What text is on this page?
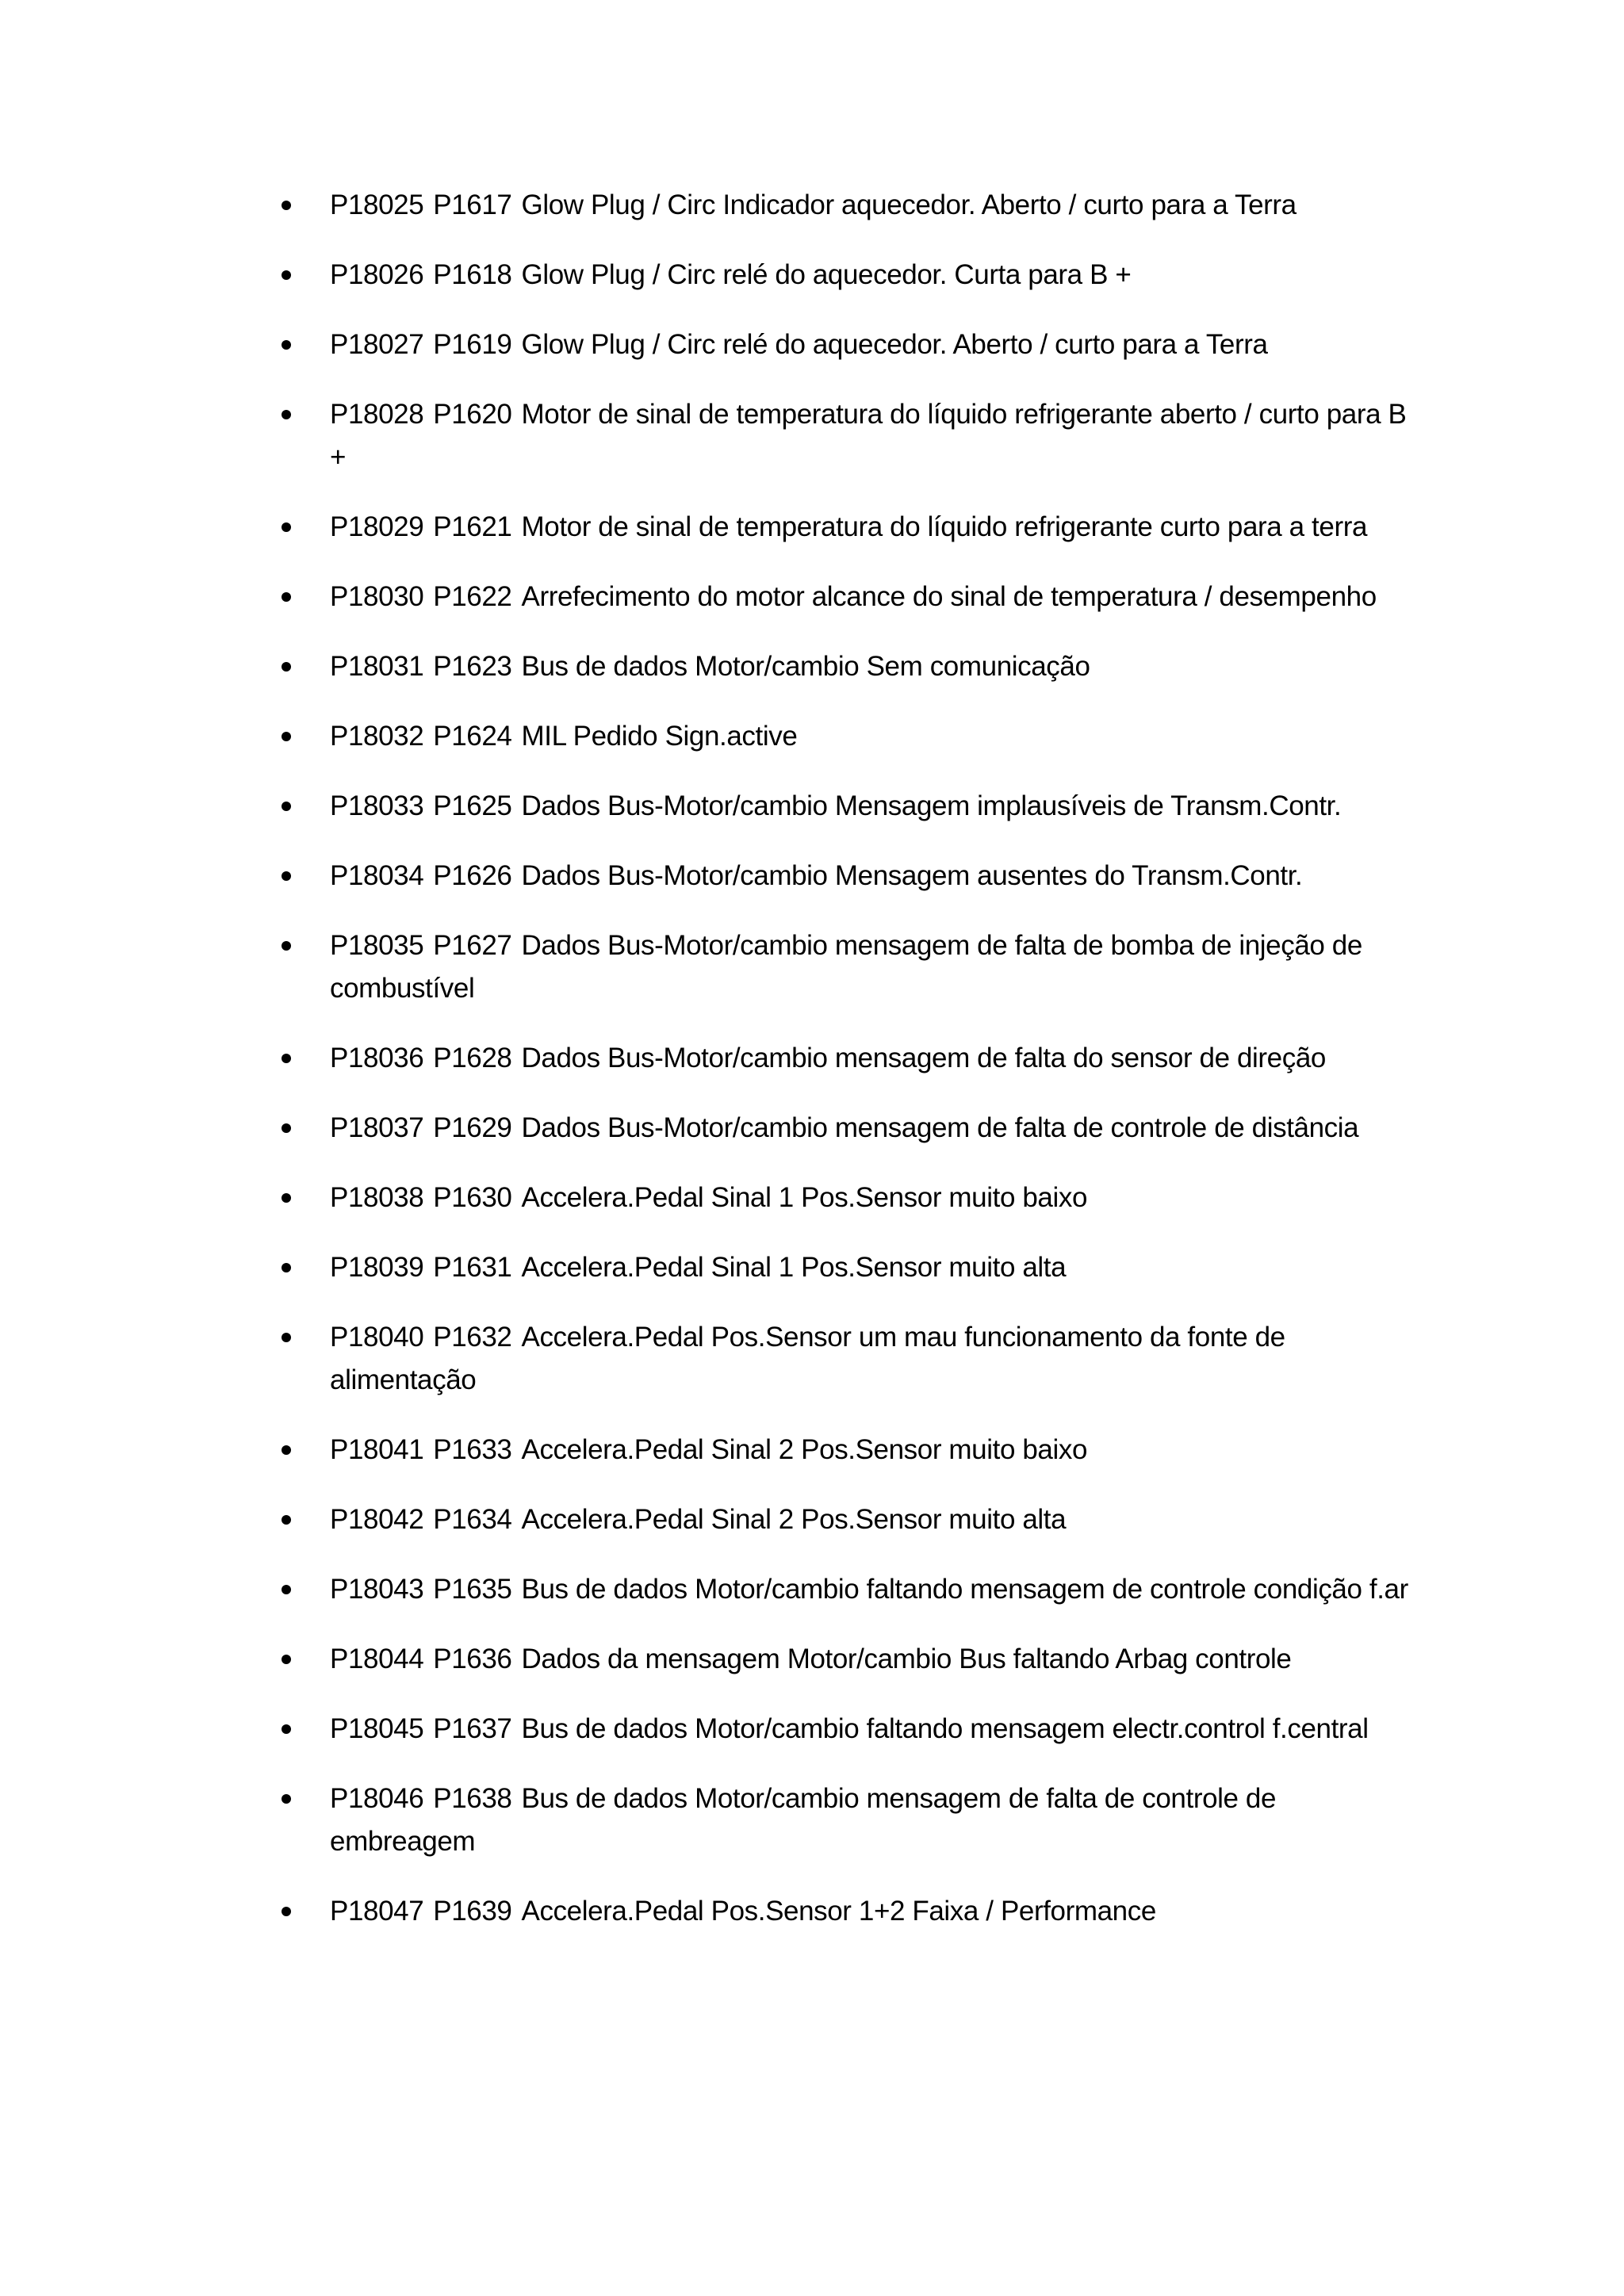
P18025 P1617 Glow Plug / Circ Indicador aquecedor. Aberto / curto para a Terra
P18026 P1618 Glow Plug / Circ relé do aquecedor. Curta para B +
P18027 P1619 Glow Plug / Circ relé do aquecedor. Aberto / curto para a Terra
P18028 P1620 Motor de sinal de temperatura do líquido refrigerante aberto / curto para B +
P18029 P1621 Motor de sinal de temperatura do líquido refrigerante curto para a terra
P18030 P1622 Arrefecimento do motor alcance do sinal de temperatura / desempenho
P18031 P1623 Bus de dados Motor/cambio Sem comunicação
P18032 P1624 MIL Pedido Sign.active
P18033 P1625 Dados Bus-Motor/cambio Mensagem implausíveis de Transm.Contr.
P18034 P1626 Dados Bus-Motor/cambio Mensagem ausentes do Transm.Contr.
P18035 P1627 Dados Bus-Motor/cambio mensagem de falta de bomba de injeção de combustível
P18036 P1628 Dados Bus-Motor/cambio mensagem de falta do sensor de direção
P18037 P1629 Dados Bus-Motor/cambio mensagem de falta de controle de distância
P18038 P1630 Accelera.Pedal Sinal 1 Pos.Sensor muito baixo
P18039 P1631 Accelera.Pedal Sinal 1 Pos.Sensor muito alta
P18040 P1632 Accelera.Pedal Pos.Sensor um mau funcionamento da fonte de alimentação
P18041 P1633 Accelera.Pedal Sinal 2 Pos.Sensor muito baixo
P18042 P1634 Accelera.Pedal Sinal 2 Pos.Sensor muito alta
P18043 P1635 Bus de dados Motor/cambio faltando mensagem de controle condição f.ar
P18044 P1636 Dados da mensagem Motor/cambio Bus faltando Arbag controle
P18045 P1637 Bus de dados Motor/cambio faltando mensagem electr.control f.central
P18046 P1638 Bus de dados Motor/cambio mensagem de falta de controle de embreagem
P18047 P1639 Accelera.Pedal Pos.Sensor 1+2 Faixa / Performance
